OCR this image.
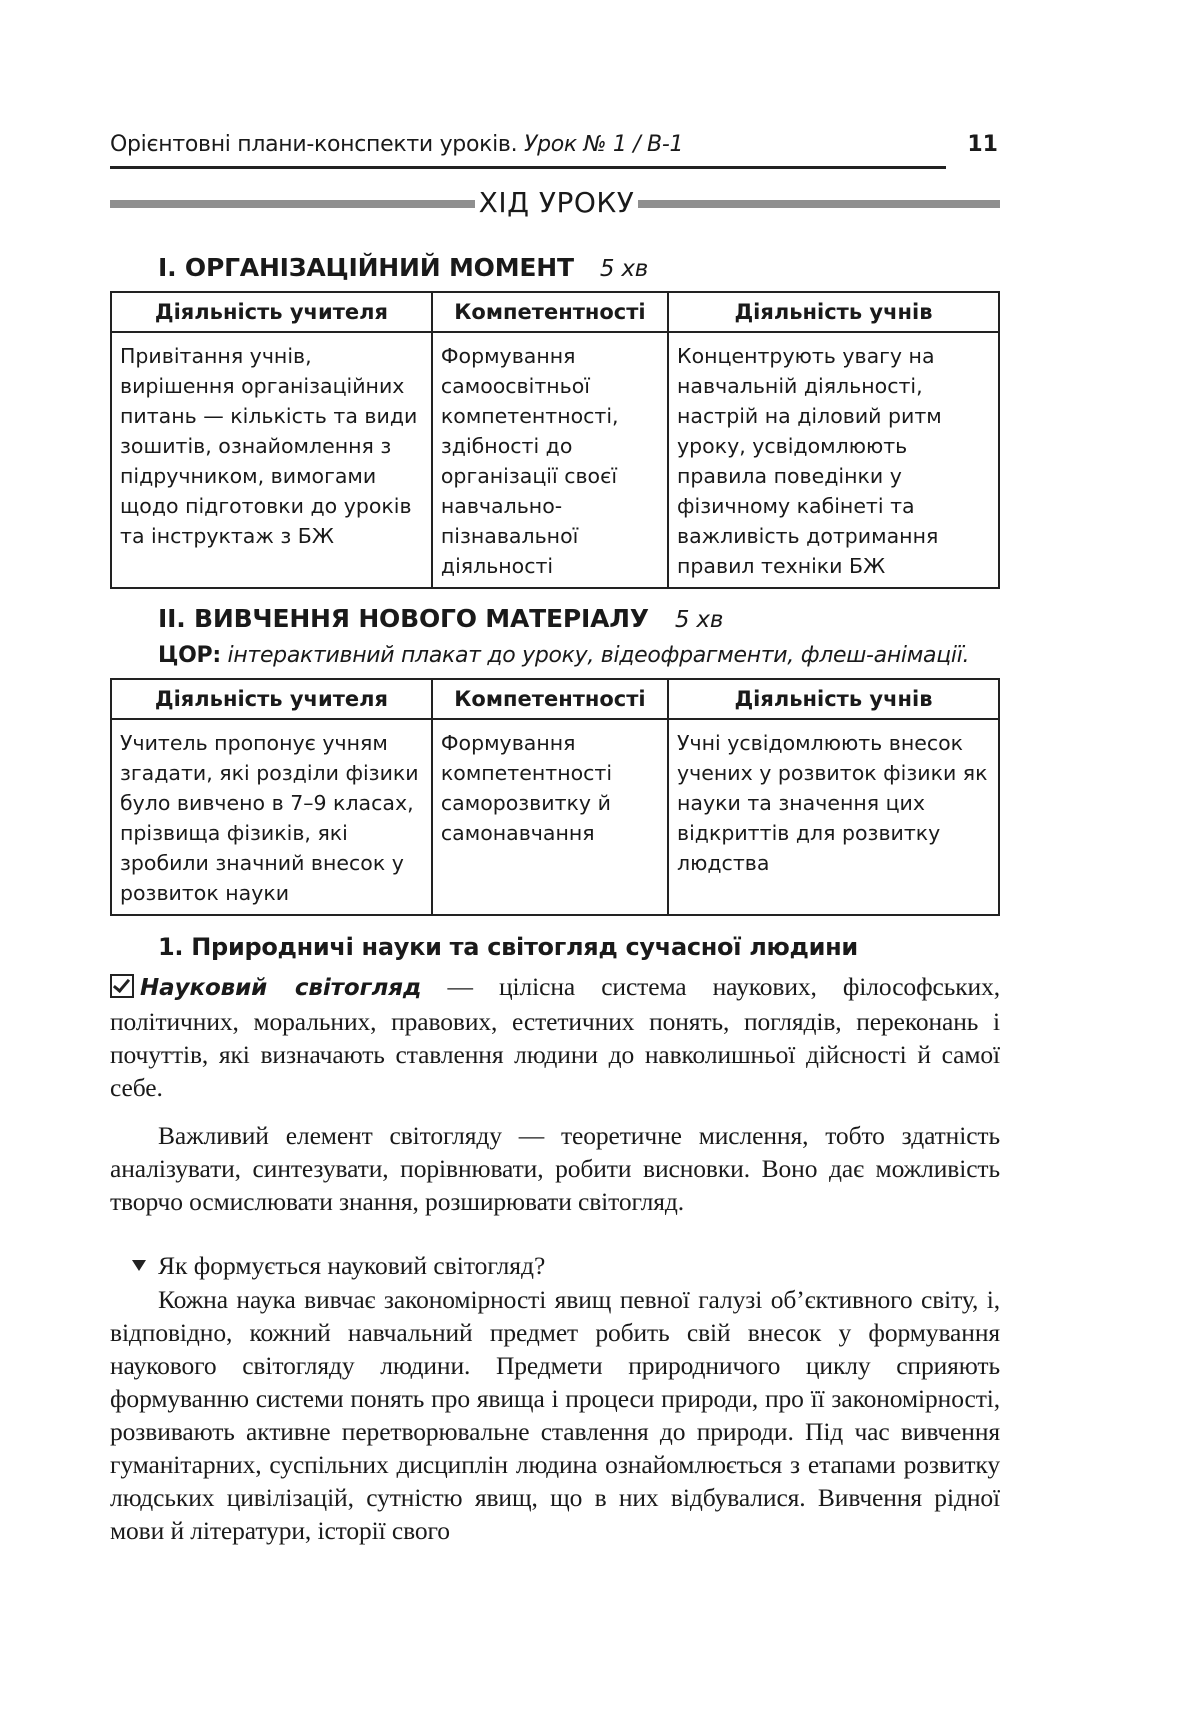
Орієнтовні плани-конспекти уроків. Урок № 1 / В-1	11
ХІД УРОКУ
I. ОРГАНІЗАЦІЙНИЙ МОМЕНТ 5 хв
Діяльність учителя	Компетентності	Діяльність учнів
Привітання учнів, вирішення організаційних питань — кількість та види зошитів, ознайомлення з підручником, вимогами щодо підготовки до уроків та інструктаж з БЖ	Формування самоосвітньої компетентності, здібності до організації своєї навчально-пізнавальної діяльності	Концентрують увагу на навчальній діяльності, настрій на діловий ритм уроку, усвідомлюють правила поведінки у фізичному кабінеті та важливість дотримання правил техніки БЖ
II. ВИВЧЕННЯ НОВОГО МАТЕРІАЛУ 5 хв
ЦОР: інтерактивний плакат до уроку, відеофрагменти, флеш-анімації.
Діяльність учителя	Компетентності	Діяльність учнів
Учитель пропонує учням згадати, які розділи фізики було вивчено в 7–9 класах, прізвища фізиків, які зробили значний внесок у розвиток науки	Формування компетентності саморозвитку й самонавчання	Учні усвідомлюють внесок учених у розвиток фізики як науки та значення цих відкриттів для розвитку людства
1. Природничі науки та світогляд сучасної людини
Науковий світогляд — цілісна система наукових, філософських, політичних, моральних, правових, естетичних понять, поглядів, переконань і почуттів, які визначають ставлення людини до навколишньої дійсності й самої себе.
Важливий елемент світогляду — теоретичне мислення, тобто здатність аналізувати, синтезувати, порівнювати, робити висновки. Воно дає можливість творчо осмислювати знання, розширювати світогляд.
Як формується науковий світогляд?
Кожна наука вивчає закономірності явищ певної галузі об’єктивного світу, і, відповідно, кожний навчальний предмет робить свій внесок у формування наукового світогляду людини. Предмети природничого циклу сприяють формуванню системи понять про явища і процеси природи, про її закономірності, розвивають активне перетворювальне ставлення до природи. Під час вивчення гуманітарних, суспільних дисциплін людина ознайомлюється з етапами розвитку людських цивілізацій, сутністю явищ, що в них відбувалися. Вивчення рідної мови й літератури, історії свого
